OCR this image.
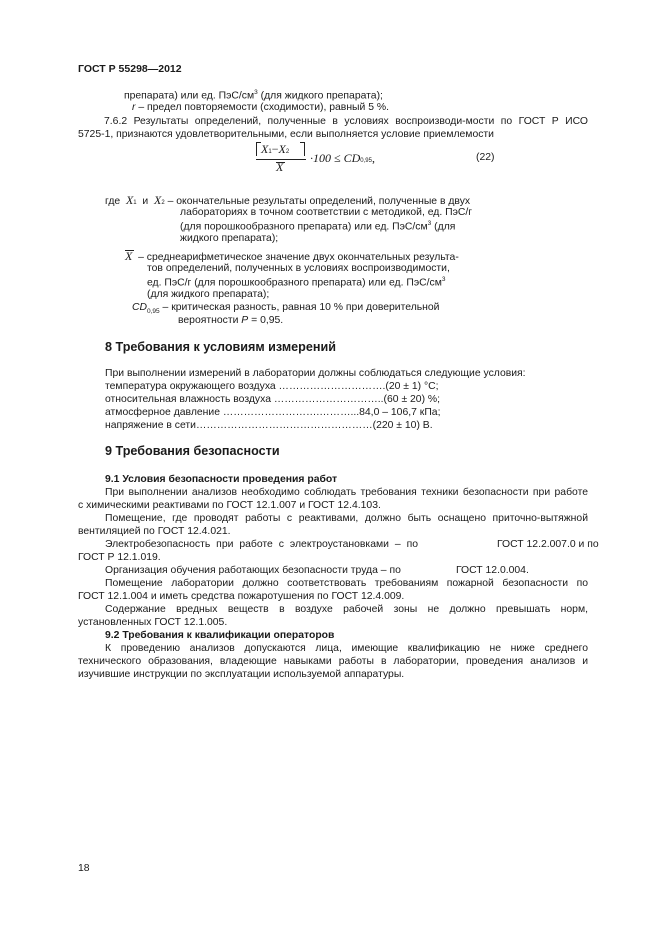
ГОСТ Р 55298—2012
препарата) или ед. ПэС/$см^3$ (для жидкого препарата);
r – предел повторяемости (сходимости), равный 5 %.
7.6.2 Результаты определений, полученные в условиях воспроизводи-мости по ГОСТ Р ИСО
5725-1, признаются удовлетворительными, если выполняется условие приемлемости
X1−X2
X
·100 ≤ CD0,95,	(22)
где X1 и X2 – окончательные результаты определений, полученные в двух
лабораториях в точном соответствии с методикой, ед. ПэС/г
(для порошкообразного препарата) или ед. ПэС/$см^3$ (для
жидкого препарата);
X – среднеарифметическое значение двух окончательных результа-
тов определений, полученных в условиях воспроизводимости,
ед. ПэС/г (для порошкообразного препарата) или ед. ПэС/$см^3$
(для жидкого препарата);
$CD_{0,95}$ – критическая разность, равная 10 % при доверительной
вероятности P = 0,95.
8 Требования к условиям измерений
При выполнении измерений в лаборатории должны соблюдаться следующие условия:
температура окружающего воздуха ………………………….(20 ± 1) °С;
относительная влажность воздуха …………………………..(60 ± 20) %;
атмосферное давление ……………………….………...84,0 – 106,7 кПа;
напряжение в сети……………………………………………(220 ± 10) В.
9 Требования безопасности
9.1 Условия безопасности проведения работ
При выполнении анализов необходимо соблюдать требования техники безопасности при работе
с химическими реактивами по ГОСТ 12.1.007 и ГОСТ 12.4.103.
Помещение, где проводят работы с реактивами, должно быть оснащено приточно-вытяжной
вентиляцией по ГОСТ 12.4.021.
Электробезопасность при работе с электроустановками – по	ГОСТ 12.2.007.0 и по
ГОСТ Р 12.1.019.
Организация обучения работающих безопасности труда – по	ГОСТ 12.0.004.
Помещение лаборатории должно соответствовать требованиям пожарной безопасности по
ГОСТ 12.1.004 и иметь средства пожаротушения по ГОСТ 12.4.009.
Содержание вредных веществ в воздухе рабочей зоны не должно превышать норм,
установленных ГОСТ 12.1.005.
9.2 Требования к квалификации операторов
К проведению анализов допускаются лица, имеющие квалификацию не ниже среднего
технического образования, владеющие навыками работы в лаборатории, проведения анализов и
изучившие инструкции по эксплуатации используемой аппаратуры.
18
